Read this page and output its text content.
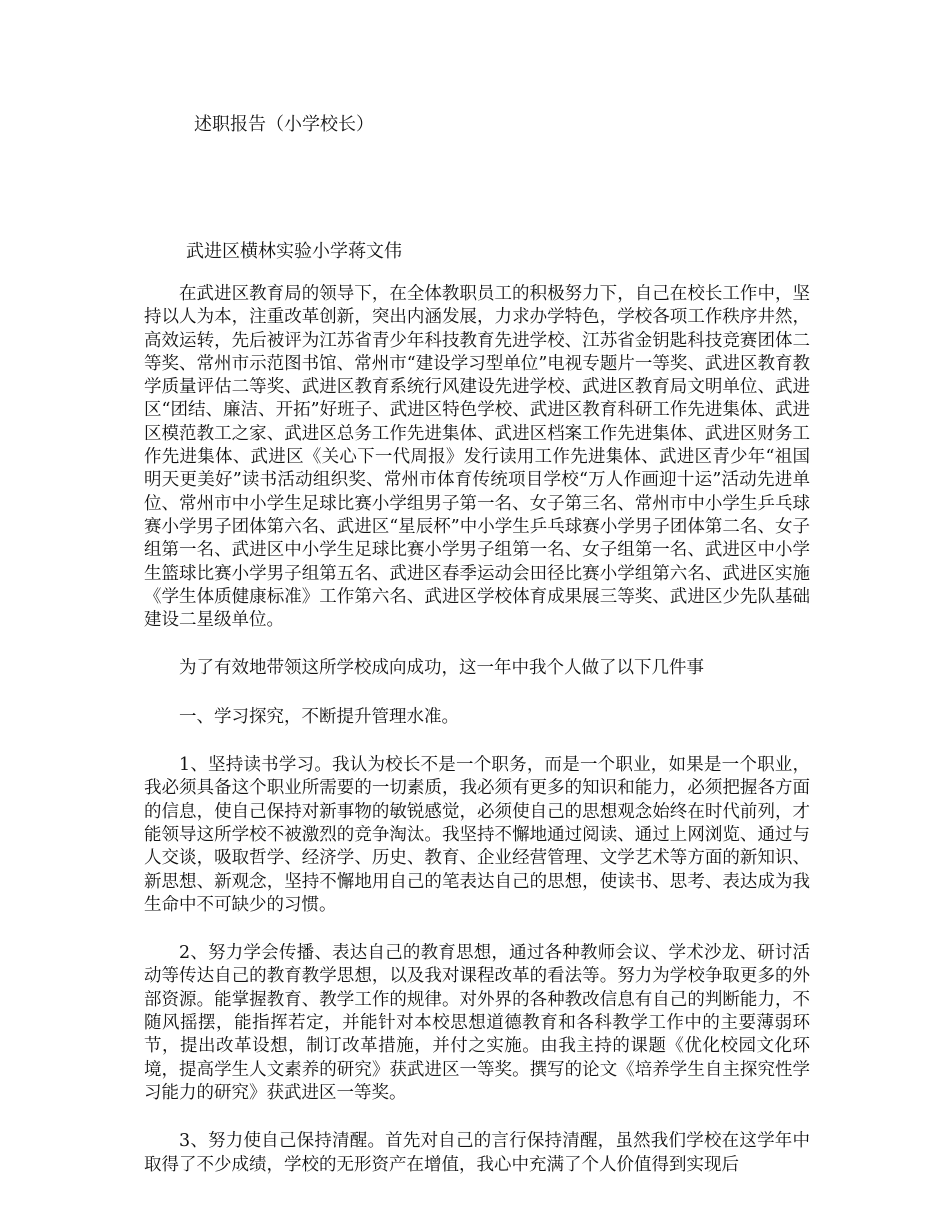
述职报告（小学校长）

武进区横林实验小学蒋文伟

在武进区教育局的领导下，在全体教职员工的积极努力下，自己在校长工作中，坚持以人为本，注重改革创新，突出内涵发展，力求办学特色，学校各项工作秩序井然，高效运转，先后被评为江苏省青少年科技教育先进学校、江苏省金钥匙科技竞赛团体二等奖、常州市示范图书馆、常州市“建设学习型单位”电视专题片一等奖、武进区教育教学质量评估二等奖、武进区教育系统行风建设先进学校、武进区教育局文明单位、武进区“团结、廉洁、开拓”好班子、武进区特色学校、武进区教育科研工作先进集体、武进区模范教工之家、武进区总务工作先进集体、武进区档案工作先进集体、武进区财务工作先进集体、武进区《关心下一代周报》发行读用工作先进集体、武进区青少年“祖国明天更美好”读书活动组织奖、常州市体育传统项目学校“万人作画迎十运”活动先进单位、常州市中小学生足球比赛小学组男子第一名、女子第三名、常州市中小学生乒乓球赛小学男子团体第六名、武进区“星辰杯”中小学生乒乓球赛小学男子团体第二名、女子组第一名、武进区中小学生足球比赛小学男子组第一名、女子组第一名、武进区中小学生篮球比赛小学男子组第五名、武进区春季运动会田径比赛小学组第六名、武进区实施《学生体质健康标准》工作第六名、武进区学校体育成果展三等奖、武进区少先队基础建设二星级单位。

为了有效地带领这所学校成向成功，这一年中我个人做了以下几件事

一、学习探究，不断提升管理水准。

1、坚持读书学习。我认为校长不是一个职务，而是一个职业，如果是一个职业，我必须具备这个职业所需要的一切素质，我必须有更多的知识和能力，必须把握各方面的信息，使自己保持对新事物的敏锐感觉，必须使自己的思想观念始终在时代前列，才能领导这所学校不被激烈的竞争淘汰。我坚持不懈地通过阅读、通过上网浏览、通过与人交谈，吸取哲学、经济学、历史、教育、企业经营管理、文学艺术等方面的新知识、新思想、新观念，坚持不懈地用自己的笔表达自己的思想，使读书、思考、表达成为我生命中不可缺少的习惯。

2、努力学会传播、表达自己的教育思想，通过各种教师会议、学术沙龙、研讨活动等传达自己的教育教学思想，以及我对课程改革的看法等。努力为学校争取更多的外部资源。能掌握教育、教学工作的规律。对外界的各种教改信息有自己的判断能力，不随风摇摆，能指挥若定，并能针对本校思想道德教育和各科教学工作中的主要薄弱环节，提出改革设想，制订改革措施，并付之实施。由我主持的课题《优化校园文化环境，提高学生人文素养的研究》获武进区一等奖。撰写的论文《培养学生自主探究性学习能力的研究》获武进区一等奖。

3、努力使自己保持清醒。首先对自己的言行保持清醒，虽然我们学校在这学年中取得了不少成绩，学校的无形资产在增值，我心中充满了个人价值得到实现后
